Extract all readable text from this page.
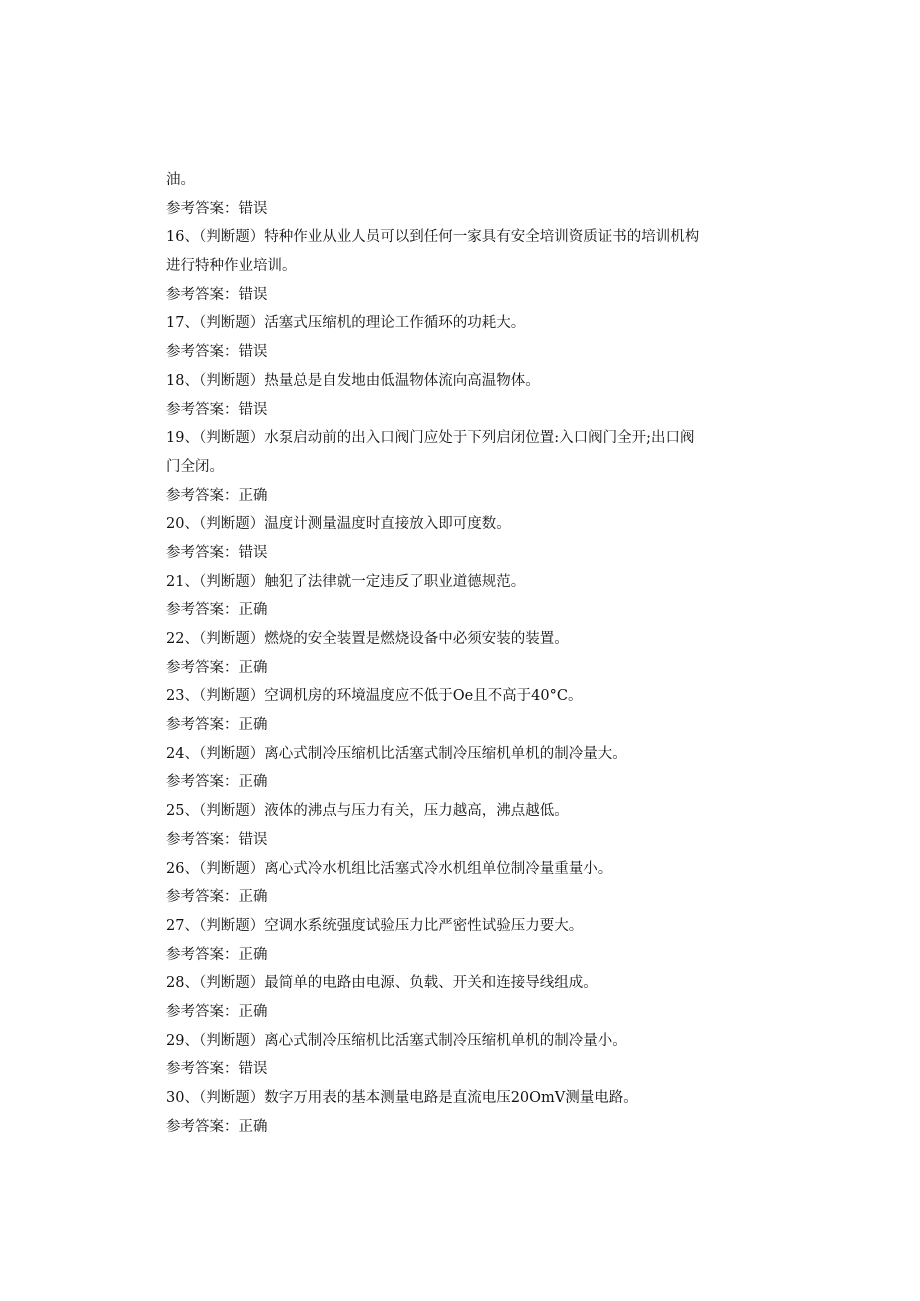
油。

参考答案：错误

16、（判断题）特种作业从业人员可以到任何一家具有安全培训资质证书的培训机构

进行特种作业培训。

参考答案：错误

17、（判断题）活塞式压缩机的理论工作循环的功耗大。

参考答案：错误

18、（判断题）热量总是自发地由低温物体流向高温物体。

参考答案：错误

19、（判断题）水泵启动前的出入口阀门应处于下列启闭位置:入口阀门全开;出口阀

门全闭。

参考答案：正确

20、（判断题）温度计测量温度时直接放入即可度数。

参考答案：错误

21、（判断题）触犯了法律就一定违反了职业道德规范。

参考答案：正确

22、（判断题）燃烧的安全装置是燃烧设备中必须安装的装置。

参考答案：正确

23、（判断题）空调机房的环境温度应不低于Oe且不高于40°C。

参考答案：正确

24、（判断题）离心式制冷压缩机比活塞式制冷压缩机单机的制冷量大。

参考答案：正确

25、（判断题）液体的沸点与压力有关，压力越高，沸点越低。

参考答案：错误

26、（判断题）离心式冷水机组比活塞式冷水机组单位制冷量重量小。

参考答案：正确

27、（判断题）空调水系统强度试验压力比严密性试验压力要大。

参考答案：正确

28、（判断题）最简单的电路由电源、负载、开关和连接导线组成。

参考答案：正确

29、（判断题）离心式制冷压缩机比活塞式制冷压缩机单机的制冷量小。

参考答案：错误

30、（判断题）数字万用表的基本测量电路是直流电压20OmV测量电路。

参考答案：正确
